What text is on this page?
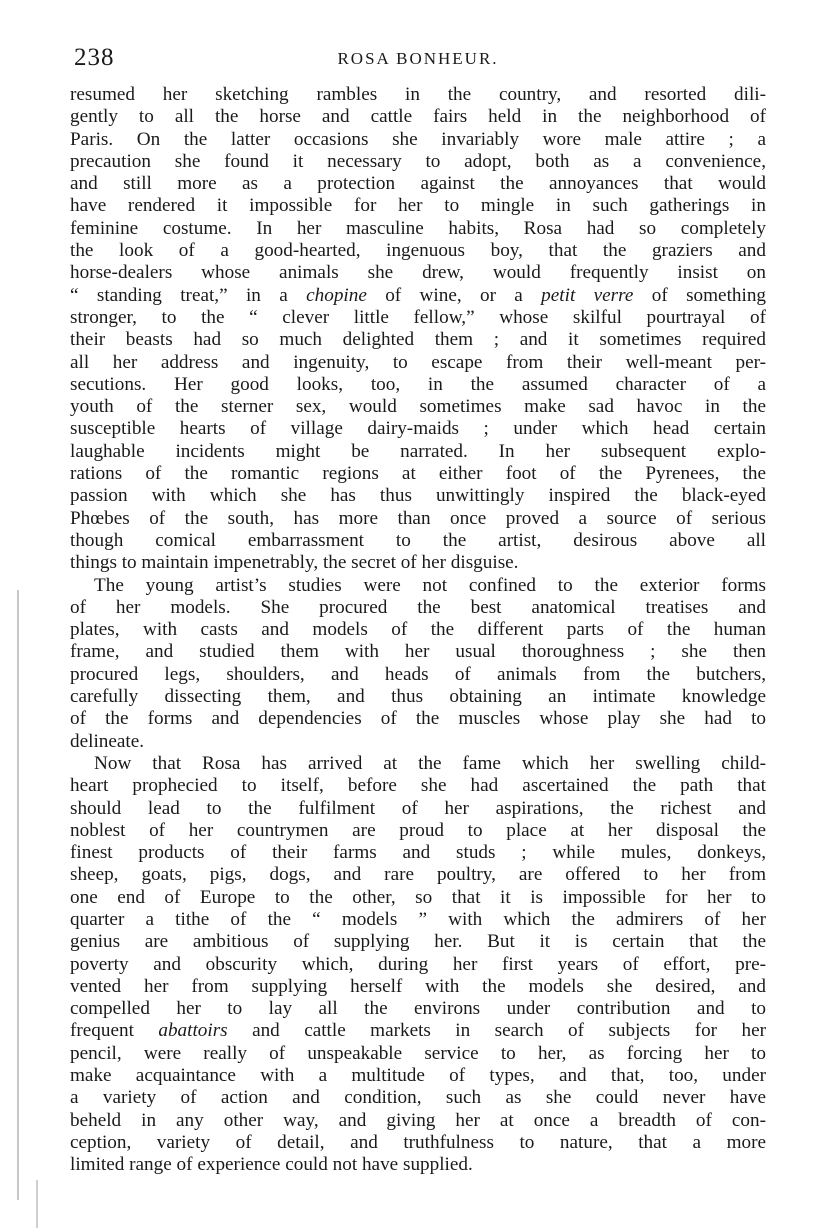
238	ROSA BONHEUR.
resumed her sketching rambles in the country, and resorted dili-
gently to all the horse and cattle fairs held in the neighborhood of
Paris. On the latter occasions she invariably wore male attire ; a
precaution she found it necessary to adopt, both as a convenience,
and still more as a protection against the annoyances that would
have rendered it impossible for her to mingle in such gatherings in
feminine costume. In her masculine habits, Rosa had so completely
the look of a good-hearted, ingenuous boy, that the graziers and
horse-dealers whose animals she drew, would frequently insist on
“ standing treat,” in a chopine of wine, or a petit verre of something
stronger, to the “ clever little fellow,” whose skilful pourtrayal of
their beasts had so much delighted them ; and it sometimes required
all her address and ingenuity, to escape from their well-meant per-
secutions. Her good looks, too, in the assumed character of a
youth of the sterner sex, would sometimes make sad havoc in the
susceptible hearts of village dairy-maids ; under which head certain
laughable incidents might be narrated. In her subsequent explo-
rations of the romantic regions at either foot of the Pyrenees, the
passion with which she has thus unwittingly inspired the black-eyed
Phœbes of the south, has more than once proved a source of serious
though comical embarrassment to the artist, desirous above all
things to maintain impenetrably, the secret of her disguise.
The young artist’s studies were not confined to the exterior forms
of her models. She procured the best anatomical treatises and
plates, with casts and models of the different parts of the human
frame, and studied them with her usual thoroughness ; she then
procured legs, shoulders, and heads of animals from the butchers,
carefully dissecting them, and thus obtaining an intimate knowledge
of the forms and dependencies of the muscles whose play she had to
delineate.
Now that Rosa has arrived at the fame which her swelling child-
heart prophecied to itself, before she had ascertained the path that
should lead to the fulfilment of her aspirations, the richest and
noblest of her countrymen are proud to place at her disposal the
finest products of their farms and studs ; while mules, donkeys,
sheep, goats, pigs, dogs, and rare poultry, are offered to her from
one end of Europe to the other, so that it is impossible for her to
quarter a tithe of the “ models ” with which the admirers of her
genius are ambitious of supplying her. But it is certain that the
poverty and obscurity which, during her first years of effort, pre-
vented her from supplying herself with the models she desired, and
compelled her to lay all the environs under contribution and to
frequent abattoirs and cattle markets in search of subjects for her
pencil, were really of unspeakable service to her, as forcing her to
make acquaintance with a multitude of types, and that, too, under
a variety of action and condition, such as she could never have
beheld in any other way, and giving her at once a breadth of con-
ception, variety of detail, and truthfulness to nature, that a more
limited range of experience could not have supplied.
